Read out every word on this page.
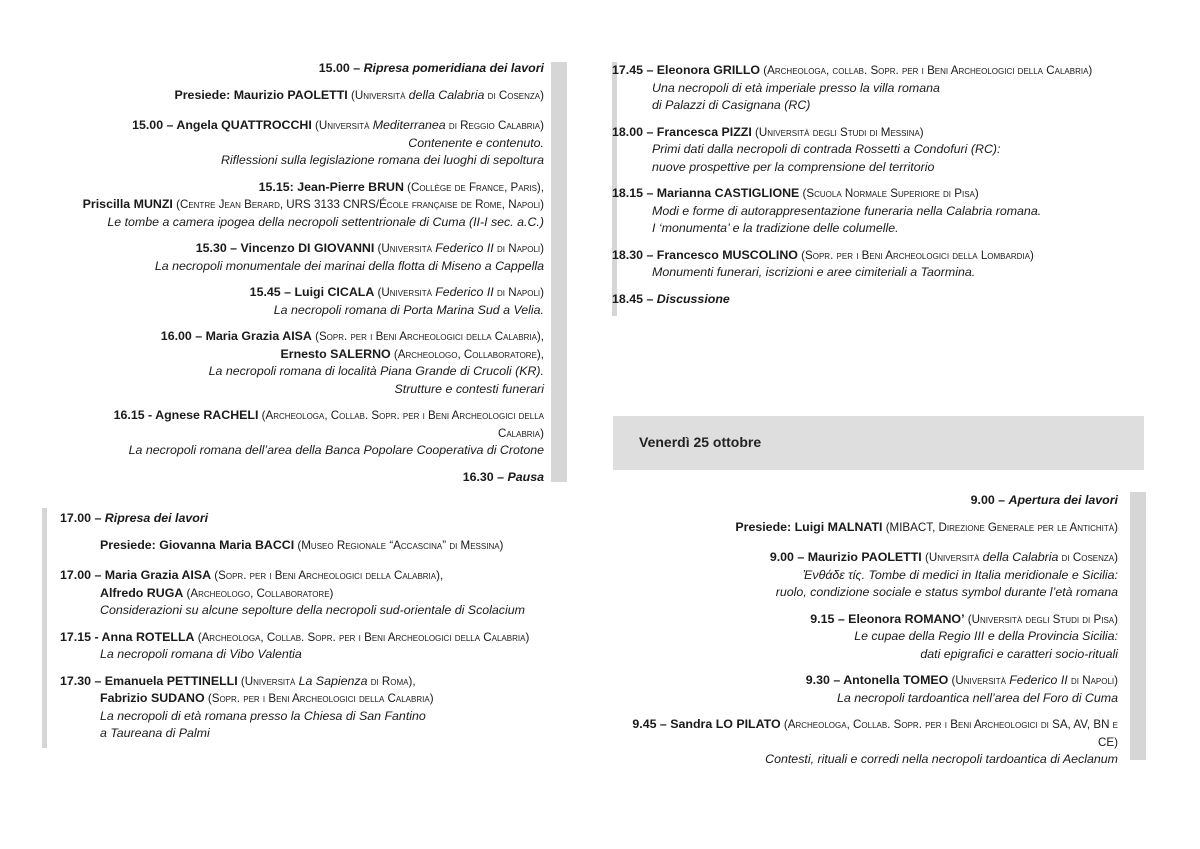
Venerdì 25 ottobre
15.00 – Ripresa pomeridiana dei lavori
Presiede: Maurizio PAOLETTI (Università della Calabria di Cosenza)
15.00 – Angela QUATTROCCHI (Università Mediterranea di Reggio Calabria)
Contenente e contenuto.
Riflessioni sulla legislazione romana dei luoghi di sepoltura
15.15: Jean-Pierre BRUN (Collège de France, Paris),
Priscilla MUNZI (Centre Jean Berard, URS 3133 CNRS/École française de Rome, Napoli)
Le tombe a camera ipogea della necropoli settentrionale di Cuma (II-I sec. a.C.)
15.30 – Vincenzo DI GIOVANNI (Università Federico II di Napoli)
La necropoli monumentale dei marinai della flotta di Miseno a Cappella
15.45 – Luigi CICALA (Università Federico II di Napoli)
La necropoli romana di Porta Marina Sud a Velia.
16.00 – Maria Grazia AISA (Sopr. per i Beni Archeologici della Calabria),
Ernesto SALERNO (Archeologo, Collaboratore),
La necropoli romana di località Piana Grande di Crucoli (KR).
Strutture e contesti funerari
16.15 - Agnese RACHELI (Archeologa, Collab. Sopr. per i Beni Archeologici della Calabria)
La necropoli romana dell’area della Banca Popolare Cooperativa di Crotone
16.30 – Pausa
17.00 – Ripresa dei lavori
Presiede: Giovanna Maria BACCI (Museo Regionale “Accascina” di Messina)
17.00 – Maria Grazia AISA (Sopr. per i Beni Archeologici della Calabria),
Alfredo RUGA (Archeologo, Collaboratore)
Considerazioni su alcune sepolture della necropoli sud-orientale di Scolacium
17.15 - Anna ROTELLA (Archeologa, Collab. Sopr. per i Beni Archeologici della Calabria)
La necropoli romana di Vibo Valentia
17.30 – Emanuela PETTINELLI (Università La Sapienza di Roma),
Fabrizio SUDANO (Sopr. per i Beni Archeologici della Calabria)
La necropoli di età romana presso la Chiesa di San Fantino
a Taureana di Palmi
17.45 – Eleonora GRILLO (Archeologa, collab. Sopr. per i Beni Archeologici della Calabria)
Una necropoli di età imperiale presso la villa romana
di Palazzi di Casignana (RC)
18.00 – Francesca PIZZI (Università degli Studi di Messina)
Primi dati dalla necropoli di contrada Rossetti a Condofuri (RC):
nuove prospettive per la comprensione del territorio
18.15 – Marianna CASTIGLIONE (Scuola Normale Superiore di Pisa)
Modi e forme di autorappresentazione funeraria nella Calabria romana.
I ‘monumenta’ e la tradizione delle columelle.
18.30 – Francesco MUSCOLINO (Sopr. per i Beni Archeologici della Lombardia)
Monumenti funerari, iscrizioni e aree cimiteriali a Taormina.
18.45 – Discussione
9.00 – Apertura dei lavori
Presiede: Luigi MALNATI (MIBACT, Direzione Generale per le Antichità)
9.00 – Maurizio PAOLETTI (Università della Calabria di Cosenza)
Ἐνθάδε τίς. Tombe di medici in Italia meridionale e Sicilia:
ruolo, condizione sociale e status symbol durante l’età romana
9.15 – Eleonora ROMANO’ (Università degli Studi di Pisa)
Le cupae della Regio III e della Provincia Sicilia:
dati epigrafici e caratteri socio-rituali
9.30 – Antonella TOMEO (Università Federico II di Napoli)
La necropoli tardoantica nell’area del Foro di Cuma
9.45 – Sandra LO PILATO (Archeologa, Collab. Sopr. per i Beni Archeologici di SA, AV, BN e CE)
Contesti, rituali e corredi nella necropoli tardoantica di Aeclanum
